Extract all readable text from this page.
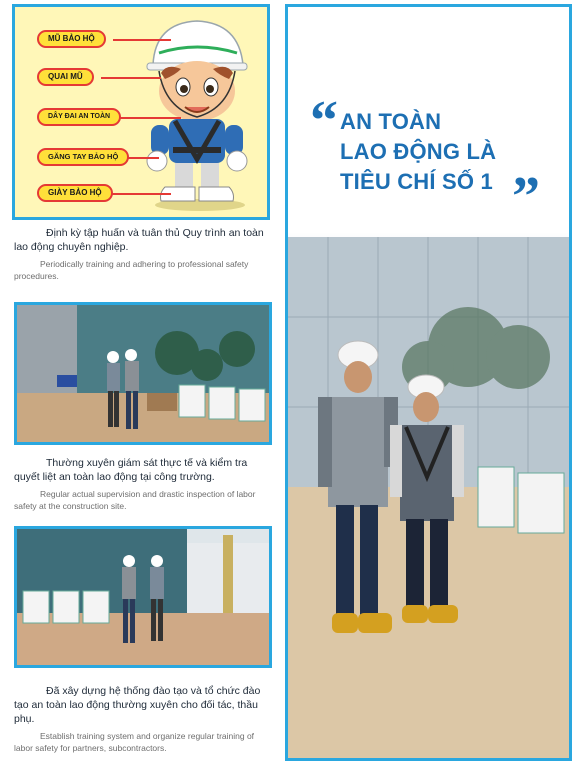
MŨ BẢO HỘ
QUAI MŨ
DÂY ĐAI AN TOÀN
GĂNG TAY BẢO HỘ
GIÀY BẢO HỘ

Định kỳ tập huấn và tuân thủ Quy trình an toàn lao động chuyên nghiệp.

Periodically training and adhering to professional safety procedures.

Thường xuyên giám sát thực tế và kiểm tra quyết liệt an toàn lao động tại công trường.

Regular actual supervision and drastic inspection of labor safety at the construction site.

Đã xây dựng hệ thống đào tạo và tổ chức đào tạo an toàn lao động thường xuyên cho đối tác, thầu phụ.

Establish training system and organize regular training of labor safety for partners, subcontractors.

“ AN TOÀN
LAO ĐỘNG LÀ
TIÊU CHÍ SỐ 1 ”
